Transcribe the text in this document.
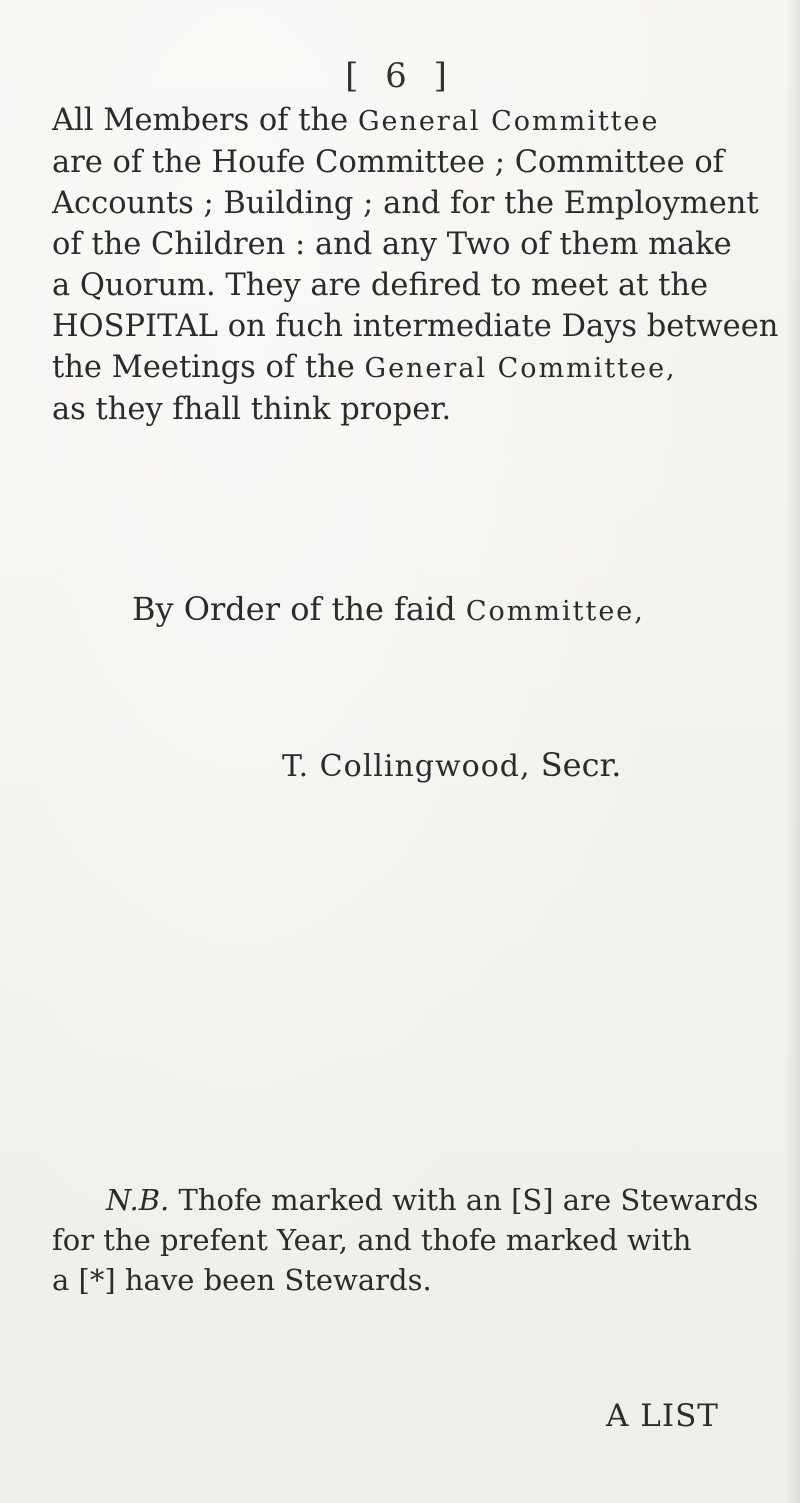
[ 6 ]
All Members of the General Committee
are of the Houfe Committee ; Committee of
Accounts ; Building ; and for the Employment
of the Children : and any Two of them make
a Quorum. They are defired to meet at the
HOSPITAL on fuch intermediate Days between
the Meetings of the General Committee,
as they fhall think proper.
By Order of the faid Committee,
T. Collingwood, Secr.
N.B. Thofe marked with an [S] are Stewards
for the prefent Year, and thofe marked with
a [*] have been Stewards.
A LIST
